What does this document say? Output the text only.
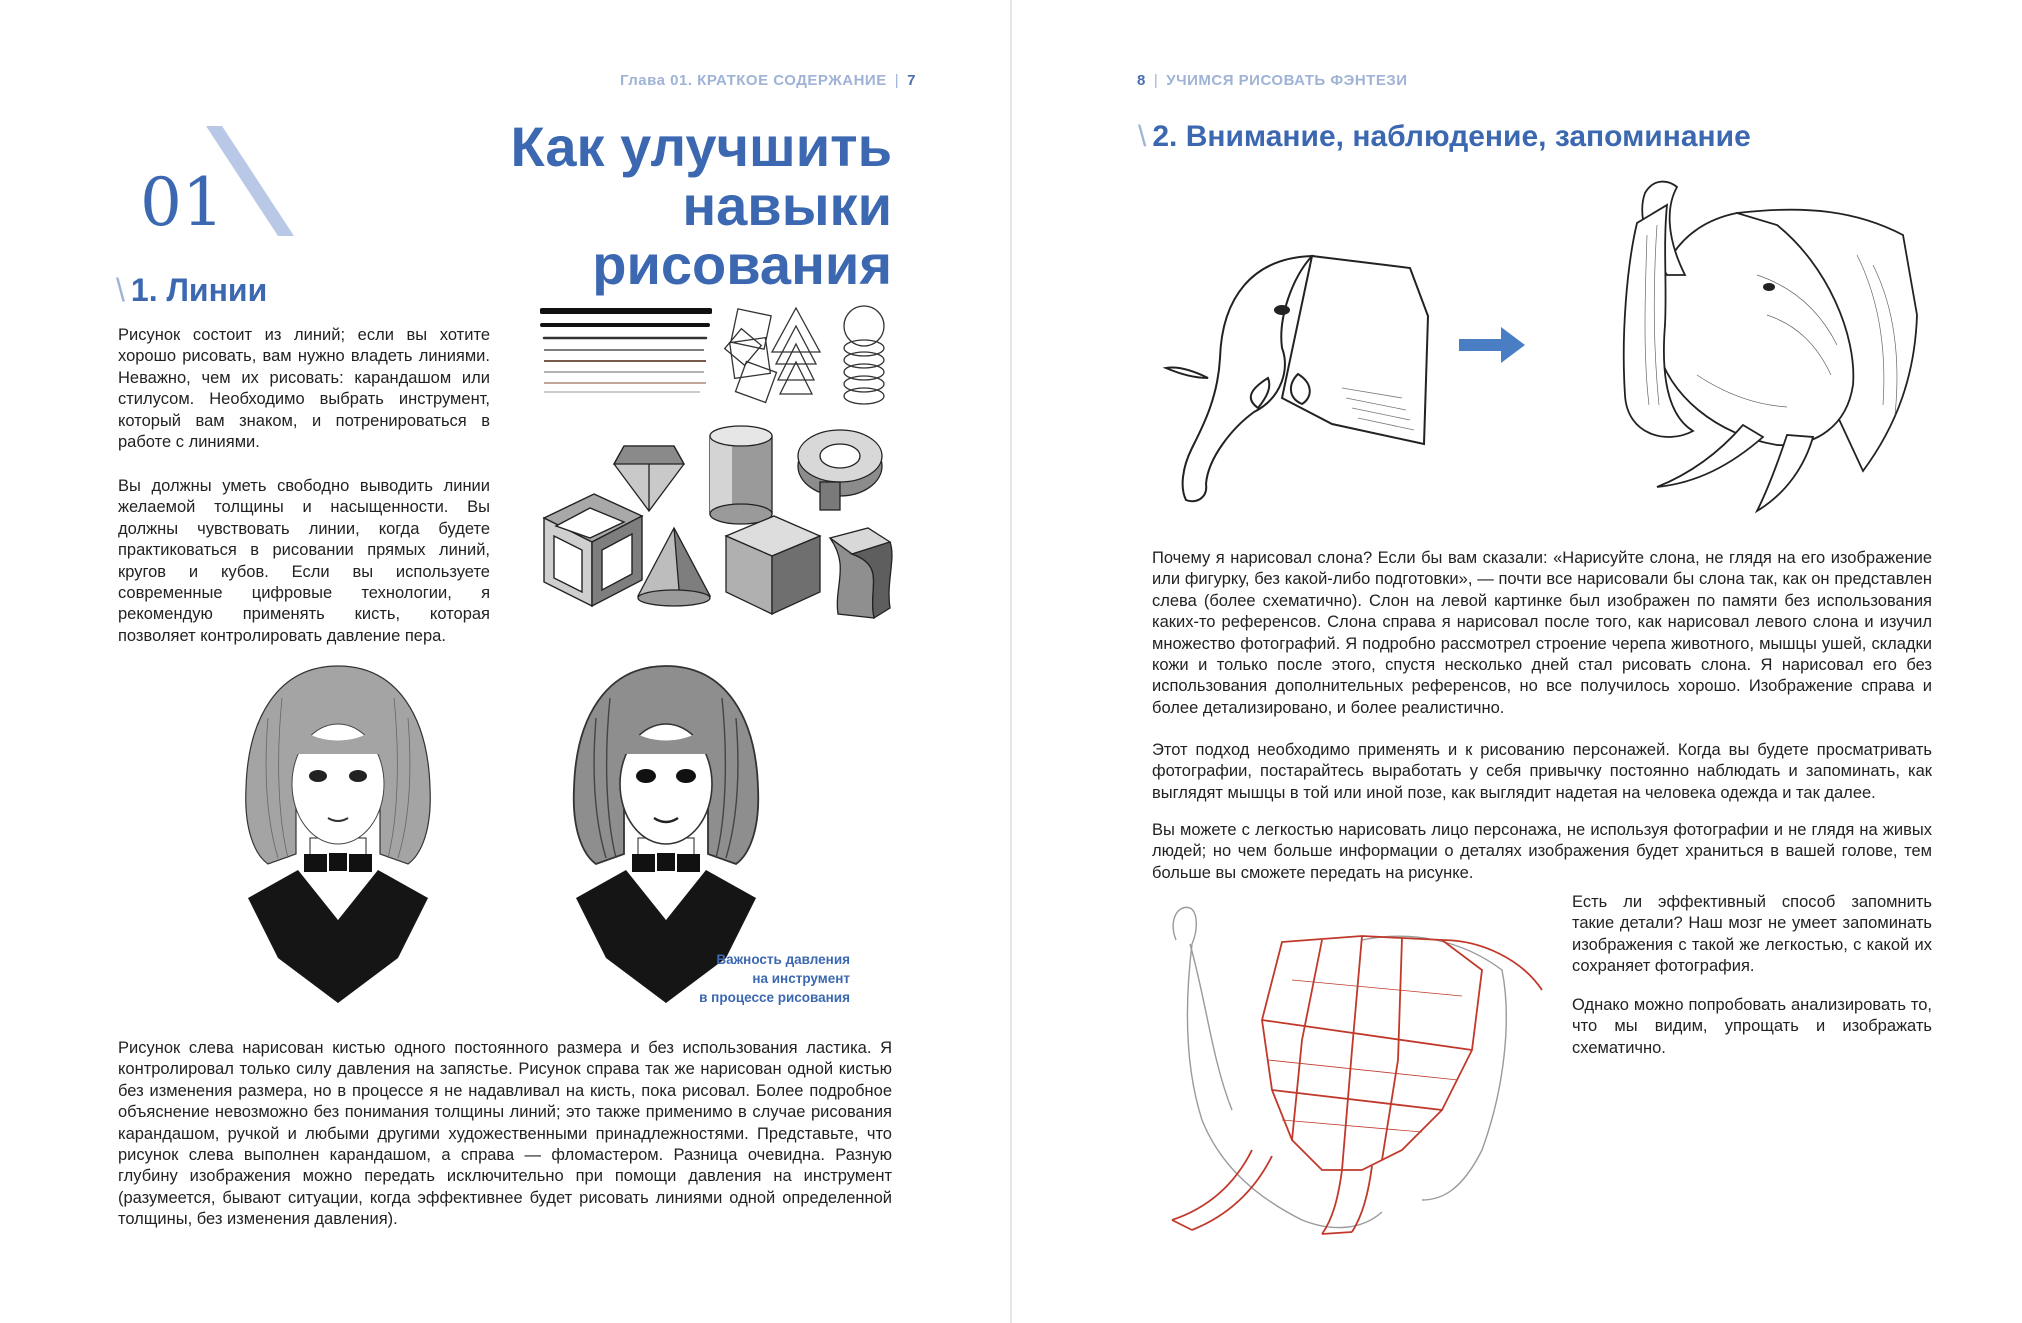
Глава 01. КРАТКОЕ СОДЕРЖАНИЕ | 7
01
Как улучшить
навыки рисования
\ 1. Линии

Рисунок состоит из линий; если вы хотите хорошо рисовать, вам нужно владеть линиями. Неважно, чем их рисовать: карандашом или стилусом. Необходимо выбрать инструмент, который вам знаком, и потренироваться в работе с линиями.

Вы должны уметь свободно выводить линии желаемой толщины и насыщенности. Вы должны чувствовать линии, когда будете практиковаться в рисовании прямых линий, кругов и кубов. Если вы используете современные цифровые технологии, я рекомендую применять кисть, которая позволяет контролировать давление пера.

Важность давления
на инструмент
в процессе рисования

Рисунок слева нарисован кистью одного постоянного размера и без использования ластика. Я контролировал только силу давления на запястье. Рисунок справа так же нарисован одной кистью без изменения размера, но в процессе я не надавливал на кисть, пока рисовал. Более подробное объяснение невозможно без понимания толщины линий; это также применимо в случае рисования карандашом, ручкой и любыми другими художественными принадлежностями. Представьте, что рисунок слева выполнен карандашом, а справа — фломастером. Разница очевидна. Разную глубину изображения можно передать исключительно при помощи давления на инструмент (разумеется, бывают ситуации, когда эффективнее будет рисовать линиями одной определенной толщины, без изменения давления).

8 | УЧИМСЯ РИСОВАТЬ ФЭНТЕЗИ
\ 2. Внимание, наблюдение, запоминание

Почему я нарисовал слона? Если бы вам сказали: «Нарисуйте слона, не глядя на его изображение или фигурку, без какой-либо подготовки», — почти все нарисовали бы слона так, как он представлен слева (более схематично). Слон на левой картинке был изображен по памяти без использования каких-то референсов. Слона справа я нарисовал после того, как нарисовал левого слона и изучил множество фотографий. Я подробно рассмотрел строение черепа животного, мышцы ушей, складки кожи и только после этого, спустя несколько дней стал рисовать слона. Я нарисовал его без использования дополнительных референсов, но все получилось хорошо. Изображение справа и более детализировано, и более реалистично.

Этот подход необходимо применять и к рисованию персонажей. Когда вы будете просматривать фотографии, постарайтесь выработать у себя привычку постоянно наблюдать и запоминать, как выглядят мышцы в той или иной позе, как выглядит надетая на человека одежда и так далее.

Вы можете с легкостью нарисовать лицо персонажа, не используя фотографии и не глядя на живых людей; но чем больше информации о деталях изображения будет храниться в вашей голове, тем больше вы сможете передать на рисунке.

Есть ли эффективный способ запомнить такие детали? Наш мозг не умеет запоминать изображения с такой же легкостью, с какой их сохраняет фотография.

Однако можно попробовать анализировать то, что мы видим, упрощать и изображать схематично.
